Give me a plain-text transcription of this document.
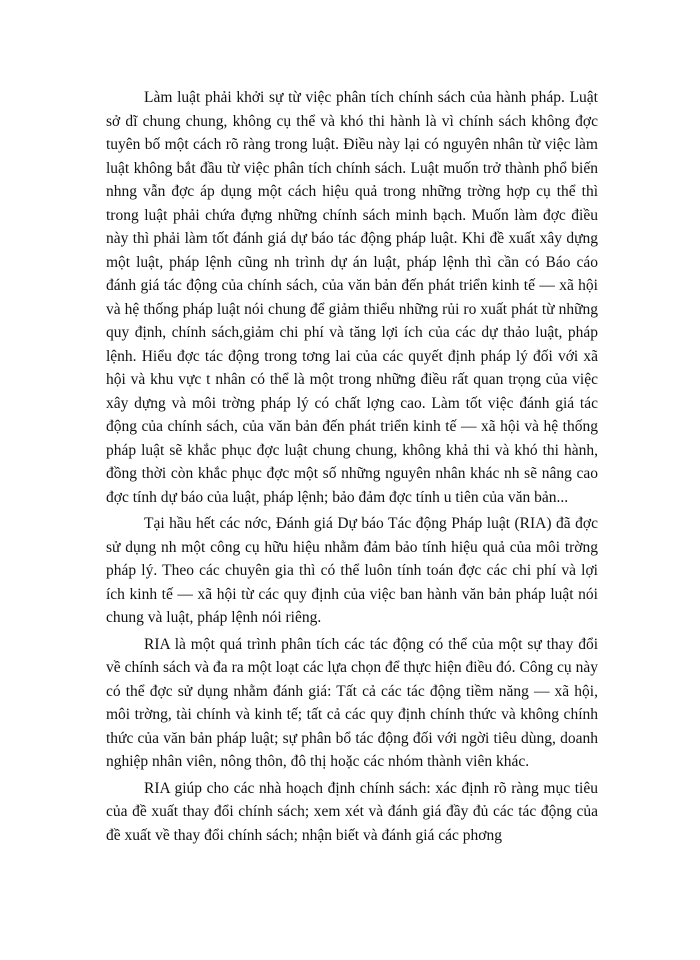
Làm luật phải khởi sự từ việc phân tích chính sách của hành pháp. Luật sở dĩ chung chung, không cụ thể và khó thi hành là vì chính sách không đợc tuyên bố một cách rõ ràng trong luật. Điều này lại có nguyên nhân từ việc làm luật không bắt đầu từ việc phân tích chính sách. Luật muốn trở thành phổ biến nhng vẫn đợc áp dụng một cách hiệu quả trong những trờng hợp cụ thể thì trong luật phải chứa đựng những chính sách minh bạch. Muốn làm đợc điều này thì phải làm tốt đánh giá dự báo tác động pháp luật. Khi đề xuất xây dựng một luật, pháp lệnh cũng nh trình dự án luật, pháp lệnh thì cần có Báo cáo đánh giá tác động của chính sách, của văn bản đến phát triển kinh tế — xã hội và hệ thống pháp luật nói chung để giảm thiểu những rủi ro xuất phát từ những quy định, chính sách,giảm chi phí và tăng lợi ích của các dự thảo luật, pháp lệnh. Hiểu đợc tác động trong tơng lai của các quyết định pháp lý đối với xã hội và khu vực t nhân có thể là một trong những điều rất quan trọng của việc xây dựng và môi trờng pháp lý có chất lợng cao. Làm tốt việc đánh giá tác động của chính sách, của văn bản đến phát triển kinh tế — xã hội và hệ thống pháp luật sẽ khắc phục đợc luật chung chung, không khả thi và khó thi hành, đồng thời còn khắc phục đợc một số những nguyên nhân khác nh sẽ nâng cao đợc tính dự báo của luật, pháp lệnh; bảo đảm đợc tính u tiên của văn bản...

Tại hầu hết các nớc, Đánh giá Dự báo Tác động Pháp luật (RIA) đã đợc sử dụng nh một công cụ hữu hiệu nhằm đảm bảo tính hiệu quả của môi trờng pháp lý. Theo các chuyên gia thì có thể luôn tính toán đợc các chi phí và lợi ích kinh tế — xã hội từ các quy định của việc ban hành văn bản pháp luật nói chung và luật, pháp lệnh nói riêng.

RIA là một quá trình phân tích các tác động có thể của một sự thay đổi về chính sách và đa ra một loạt các lựa chọn để thực hiện điều đó. Công cụ này có thể đợc sử dụng nhằm đánh giá: Tất cả các tác động tiềm năng — xã hội, môi trờng, tài chính và kinh tế; tất cả các quy định chính thức và không chính thức của văn bản pháp luật; sự phân bổ tác động đối với ngời tiêu dùng, doanh nghiệp nhân viên, nông thôn, đô thị hoặc các nhóm thành viên khác.

RIA giúp cho các nhà hoạch định chính sách: xác định rõ ràng mục tiêu của đề xuất thay đổi chính sách; xem xét và đánh giá đầy đủ các tác động của đề xuất về thay đổi chính sách; nhận biết và đánh giá các phơng
